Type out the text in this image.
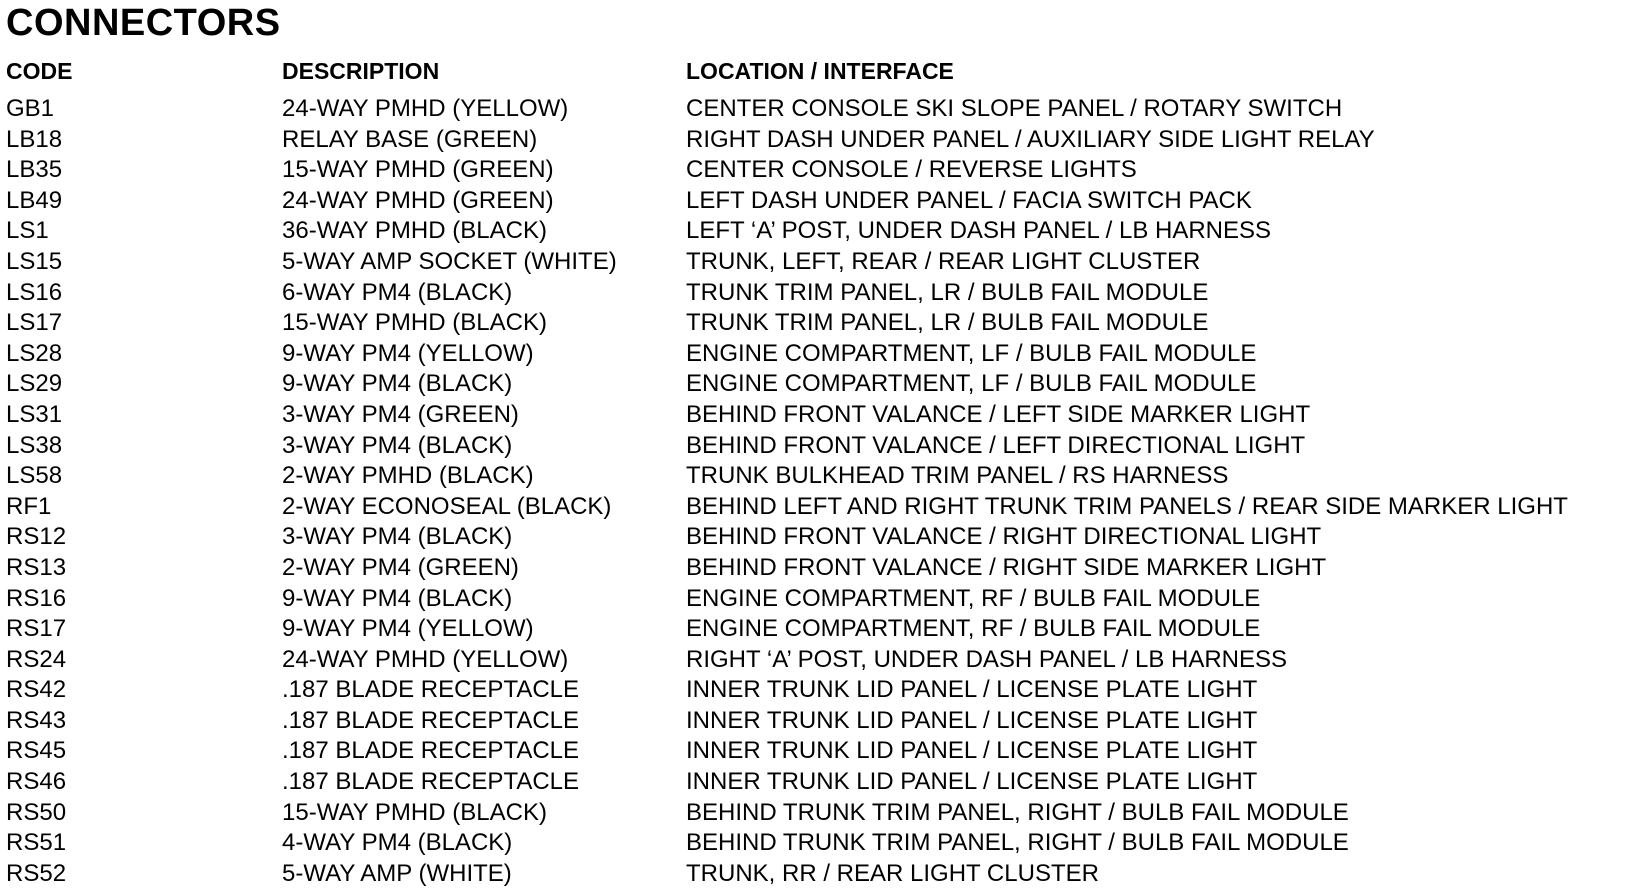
CONNECTORS
CODE	DESCRIPTION	LOCATION / INTERFACE
GB1	24-WAY PMHD (YELLOW)	CENTER CONSOLE SKI SLOPE PANEL / ROTARY SWITCH
LB18	RELAY BASE (GREEN)	RIGHT DASH UNDER PANEL / AUXILIARY SIDE LIGHT RELAY
LB35	15-WAY PMHD (GREEN)	CENTER CONSOLE / REVERSE LIGHTS
LB49	24-WAY PMHD (GREEN)	LEFT DASH UNDER PANEL / FACIA SWITCH PACK
LS1	36-WAY PMHD (BLACK)	LEFT ‘A’ POST, UNDER DASH PANEL / LB HARNESS
LS15	5-WAY AMP SOCKET (WHITE)	TRUNK, LEFT, REAR / REAR LIGHT CLUSTER
LS16	6-WAY PM4 (BLACK)	TRUNK TRIM PANEL, LR / BULB FAIL MODULE
LS17	15-WAY PMHD (BLACK)	TRUNK TRIM PANEL, LR / BULB FAIL MODULE
LS28	9-WAY PM4 (YELLOW)	ENGINE COMPARTMENT, LF / BULB FAIL MODULE
LS29	9-WAY PM4 (BLACK)	ENGINE COMPARTMENT, LF / BULB FAIL MODULE
LS31	3-WAY PM4 (GREEN)	BEHIND FRONT VALANCE / LEFT SIDE MARKER LIGHT
LS38	3-WAY PM4 (BLACK)	BEHIND FRONT VALANCE / LEFT DIRECTIONAL LIGHT
LS58	2-WAY PMHD (BLACK)	TRUNK BULKHEAD TRIM PANEL / RS HARNESS
RF1	2-WAY ECONOSEAL (BLACK)	BEHIND LEFT AND RIGHT TRUNK TRIM PANELS / REAR SIDE MARKER LIGHT
RS12	3-WAY PM4 (BLACK)	BEHIND FRONT VALANCE / RIGHT DIRECTIONAL LIGHT
RS13	2-WAY PM4 (GREEN)	BEHIND FRONT VALANCE / RIGHT SIDE MARKER LIGHT
RS16	9-WAY PM4 (BLACK)	ENGINE COMPARTMENT, RF / BULB FAIL MODULE
RS17	9-WAY PM4 (YELLOW)	ENGINE COMPARTMENT, RF / BULB FAIL MODULE
RS24	24-WAY PMHD (YELLOW)	RIGHT ‘A’ POST, UNDER DASH PANEL / LB HARNESS
RS42	.187 BLADE RECEPTACLE	INNER TRUNK LID PANEL / LICENSE PLATE LIGHT
RS43	.187 BLADE RECEPTACLE	INNER TRUNK LID PANEL / LICENSE PLATE LIGHT
RS45	.187 BLADE RECEPTACLE	INNER TRUNK LID PANEL / LICENSE PLATE LIGHT
RS46	.187 BLADE RECEPTACLE	INNER TRUNK LID PANEL / LICENSE PLATE LIGHT
RS50	15-WAY PMHD (BLACK)	BEHIND TRUNK TRIM PANEL, RIGHT / BULB FAIL MODULE
RS51	4-WAY PM4 (BLACK)	BEHIND TRUNK TRIM PANEL, RIGHT / BULB FAIL MODULE
RS52	5-WAY AMP (WHITE)	TRUNK, RR / REAR LIGHT CLUSTER
